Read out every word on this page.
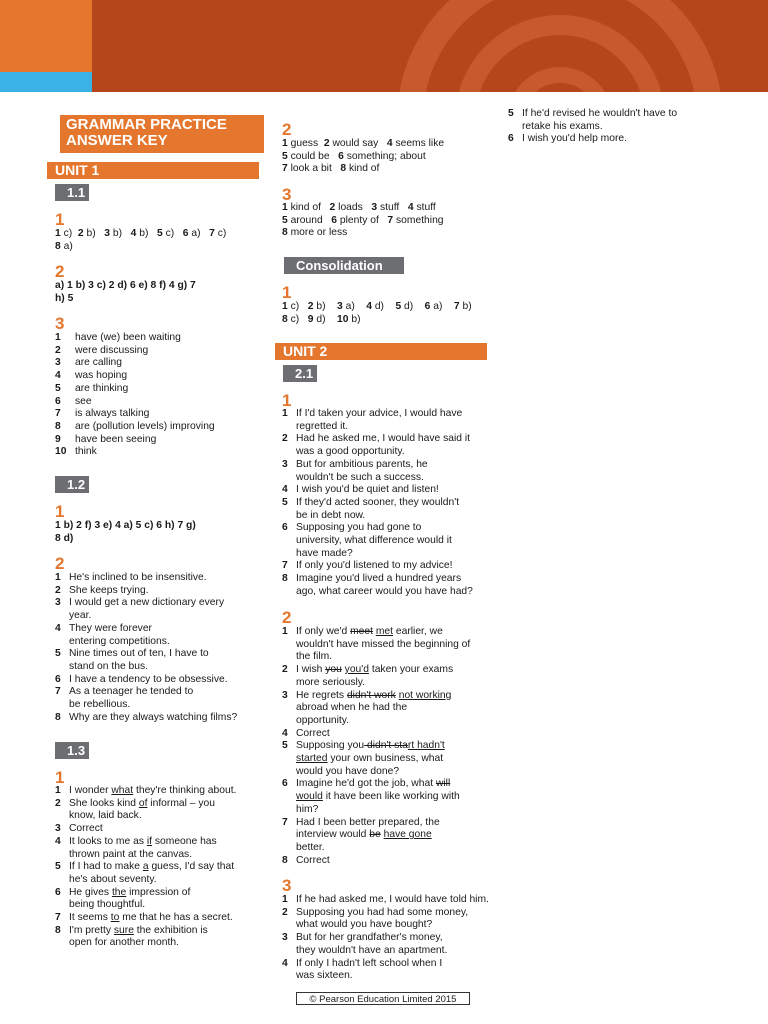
GRAMMAR PRACTICE ANSWER KEY
UNIT 1
1.1
1
1 c) 2 b) 3 b) 4 b) 5 c) 6 a) 7 c)
8 a)
2
a) 1 b) 3 c) 2 d) 6 e) 8 f) 4 g) 7
h) 5
3
1	have (we) been waiting
2	were discussing
3	are calling
4	was hoping
5	are thinking
6	see
7	is always talking
8	are (pollution levels) improving
9	have been seeing
10 think
1.2
1
1 b) 2 f) 3 e) 4 a) 5 c) 6 h) 7 g)
8 d)
2
1 He's inclined to be insensitive.
2 She keeps trying.
3 I would get a new dictionary every
year.
4 They were forever
entering competitions.
5 Nine times out of ten, I have to
stand on the bus.
6 I have a tendency to be obsessive.
7 As a teenager he tended to
be rebellious.
8 Why are they always watching films?
1.3
1
1 I wonder what they're thinking about.
2 She looks kind of informal – you
know, laid back.
3 Correct
4 It looks to me as if someone has
thrown paint at the canvas.
5 If I had to make a guess, I'd say that
he's about seventy.
6 He gives the impression of
being thoughtful.
7 It seems to me that he has a secret.
8 I'm pretty sure the exhibition is
open for another month.
2
1 guess 2 would say 4 seems like
5 could be 6 something; about
7 look a bit 8 kind of
3
1 kind of 2 loads 3 stuff 4 stuff
5 around 6 plenty of 7 something
8 more or less
Consolidation
1
1 c) 2 b) 3 a) 4 d) 5 d) 6 a) 7 b)
8 c) 9 d) 10 b)
UNIT 2
2.1
1
1 If I'd taken your advice, I would have
regretted it.
2 Had he asked me, I would have said it
was a good opportunity.
3 But for ambitious parents, he
wouldn't be such a success.
4 I wish you'd be quiet and listen!
5 If they'd acted sooner, they wouldn't
be in debt now.
6 Supposing you had gone to
university, what difference would it
have made?
7 If only you'd listened to my advice!
8 Imagine you'd lived a hundred years
ago, what career would you have had?
2
1 If only we'd meet met earlier, we
wouldn't have missed the beginning of
the film.
2 I wish you you'd taken your exams
more seriously.
3 He regrets didn't work not working
abroad when he had the
opportunity.
4 Correct
5 Supposing you didn't start hadn't
started your own business, what
would you have done?
6 Imagine he'd got the job, what will
would it have been like working with
him?
7 Had I been better prepared, the
interview would be have gone
better.
8 Correct
3
1 If he had asked me, I would have told him.
2 Supposing you had had some money,
what would you have bought?
3 But for her grandfather's money,
they wouldn't have an apartment.
4 If only I hadn't left school when I
was sixteen.
5 If he'd revised he wouldn't have to
retake his exams.
6 I wish you'd help more.
© Pearson Education Limited 2015
